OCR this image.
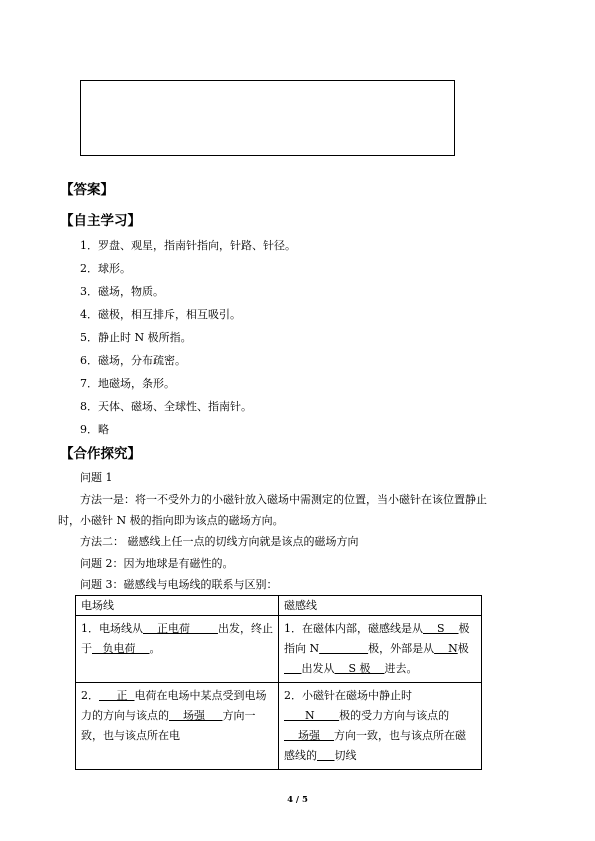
【答案】
【自主学习】
1．罗盘、观星，指南针指向，针路、针径。
2．球形。
3．磁场，物质。
4．磁极，相互排斥，相互吸引。
5．静止时 N 极所指。
6．磁场，分布疏密。
7．地磁场，条形。
8．天体、磁场、全球性、指南针。
9．略
【合作探究】
问题 1
方法一是：将一不受外力的小磁针放入磁场中需测定的位置，当小磁针在该位置静止
时，小磁针 N 极的指向即为该点的磁场方向。
方法二： 磁感线上任一点的切线方向就是该点的磁场方向
问题 2：因为地球是有磁性的。
问题 3：磁感线与电场线的联系与区别：
电场线	磁感线
1．电场线从    正电荷        出发，终止于   负电荷    。	1．在磁体内部，磁感线是从    S    极指向 N 极，外部是从    N极     出发从    S 极    进去。
2．     正  电荷在电场中某点受到电场力的方向与该点的    场强 方向一致，也与该点所在电	2．小磁针在磁场中静止时      N       极的受力方向与该点的    场强    方向一致，也与该点所在磁感线的 切线
4 / 5
